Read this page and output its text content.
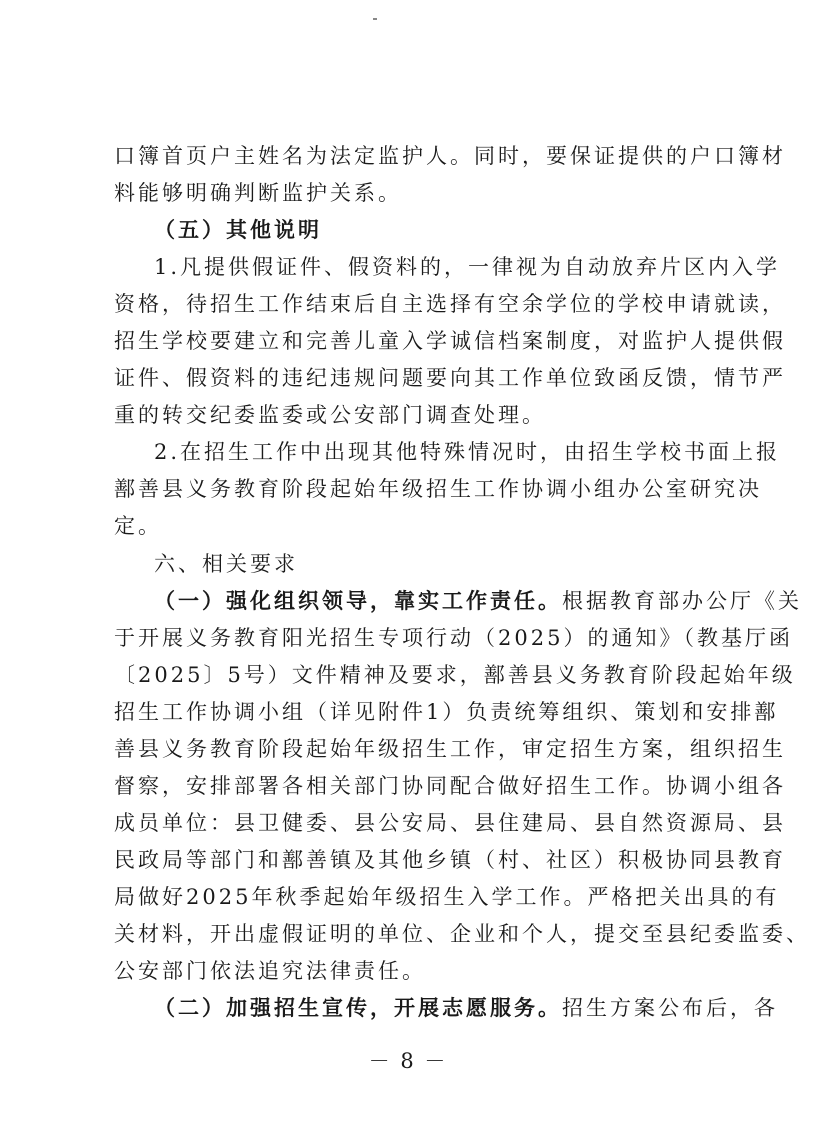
口簿首页户主姓名为法定监护人。同时，要保证提供的户口簿材
料能够明确判断监护关系。
（五）其他说明
1.凡提供假证件、假资料的，一律视为自动放弃片区内入学
资格，待招生工作结束后自主选择有空余学位的学校申请就读，
招生学校要建立和完善儿童入学诚信档案制度，对监护人提供假
证件、假资料的违纪违规问题要向其工作单位致函反馈，情节严
重的转交纪委监委或公安部门调查处理。
2.在招生工作中出现其他特殊情况时，由招生学校书面上报
鄯善县义务教育阶段起始年级招生工作协调小组办公室研究决
定。
六、相关要求
（一）强化组织领导，靠实工作责任。根据教育部办公厅《关
于开展义务教育阳光招生专项行动（2025）的通知》（教基厅函
〔2025〕5号）文件精神及要求，鄯善县义务教育阶段起始年级
招生工作协调小组（详见附件1）负责统筹组织、策划和安排鄯
善县义务教育阶段起始年级招生工作，审定招生方案，组织招生
督察，安排部署各相关部门协同配合做好招生工作。协调小组各
成员单位：县卫健委、县公安局、县住建局、县自然资源局、县
民政局等部门和鄯善镇及其他乡镇（村、社区）积极协同县教育
局做好2025年秋季起始年级招生入学工作。严格把关出具的有
关材料，开出虚假证明的单位、企业和个人，提交至县纪委监委、
公安部门依法追究法律责任。
（二）加强招生宣传，开展志愿服务。招生方案公布后，各
－ 8 －
